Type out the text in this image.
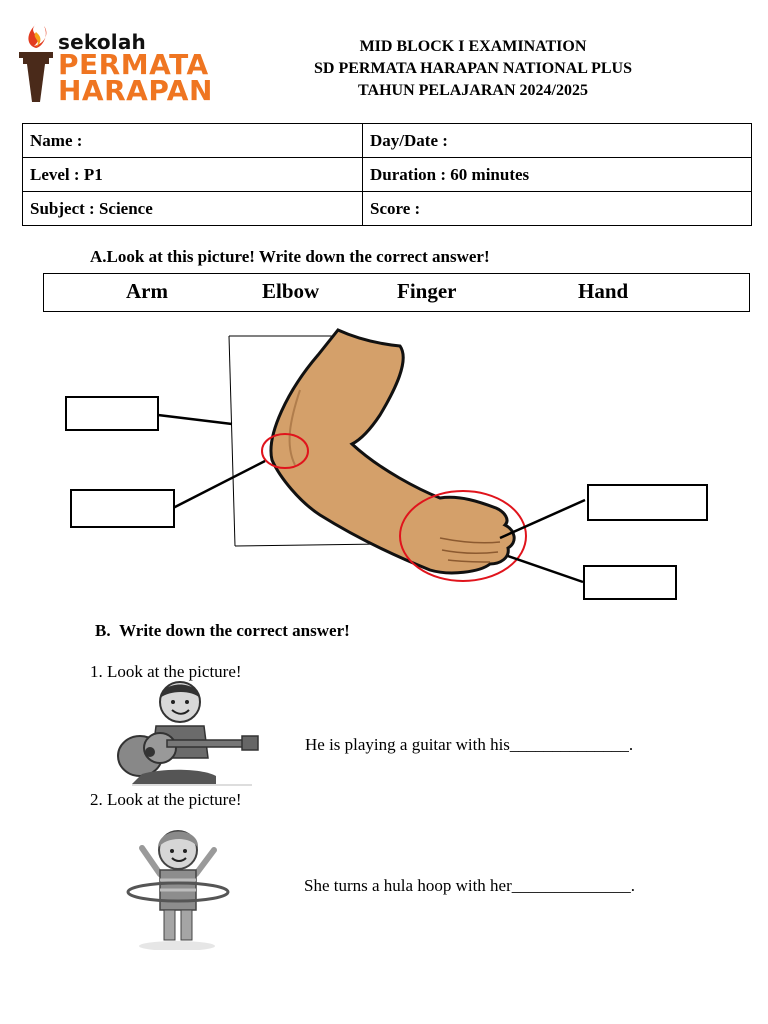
sekolah
PERMATA
HARAPAN
MID BLOCK I EXAMINATION
SD PERMATA HARAPAN NATIONAL PLUS
TAHUN PELAJARAN 2024/2025
Name :	Day/Date :
Level : P1	Duration : 60 minutes
Subject : Science	Score :
A.Look at this picture! Write down the correct answer!
Arm	Elbow	Finger	Hand
B. Write down the correct answer!
1. Look at the picture!
He is playing a guitar with his______________.
2. Look at the picture!
She turns a hula hoop with her______________.
